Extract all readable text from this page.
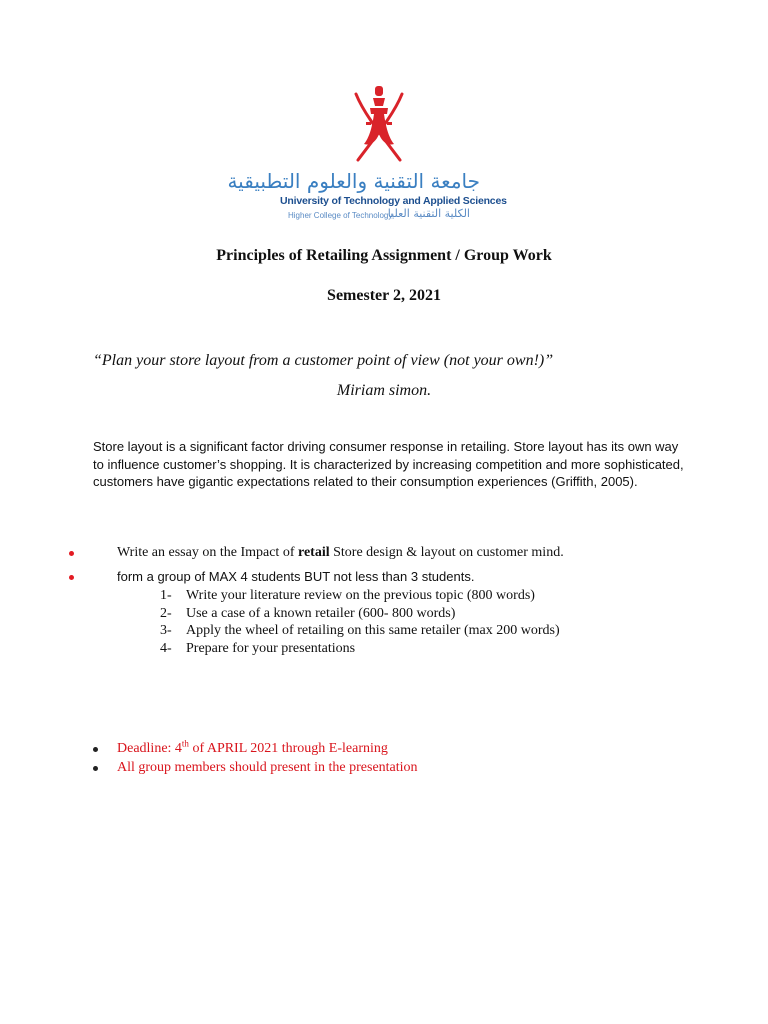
جامعة التقنية والعلوم التطبيقية
University of Technology and Applied Sciences
Higher College of Technology
الكلية التقنية العليا
Principles of Retailing Assignment / Group Work
Semester 2, 2021
“Plan your store layout from a customer point of view (not your own!)”
Miriam simon.

Store layout is a significant factor driving consumer response in retailing. Store layout has its own way to influence customer’s shopping. It is characterized by increasing competition and more sophisticated, customers have gigantic expectations related to their consumption experiences (Griffith, 2005).

Write an essay on the Impact of retail Store design & layout on customer mind.
form a group of MAX 4 students BUT not less than 3 students.
1- Write your literature review on the previous topic (800 words)
2- Use a case of a known retailer (600- 800 words)
3- Apply the wheel of retailing on this same retailer (max 200 words)
4- Prepare for your presentations
Deadline: 4th of APRIL 2021 through E-learning
All group members should present in the presentation
